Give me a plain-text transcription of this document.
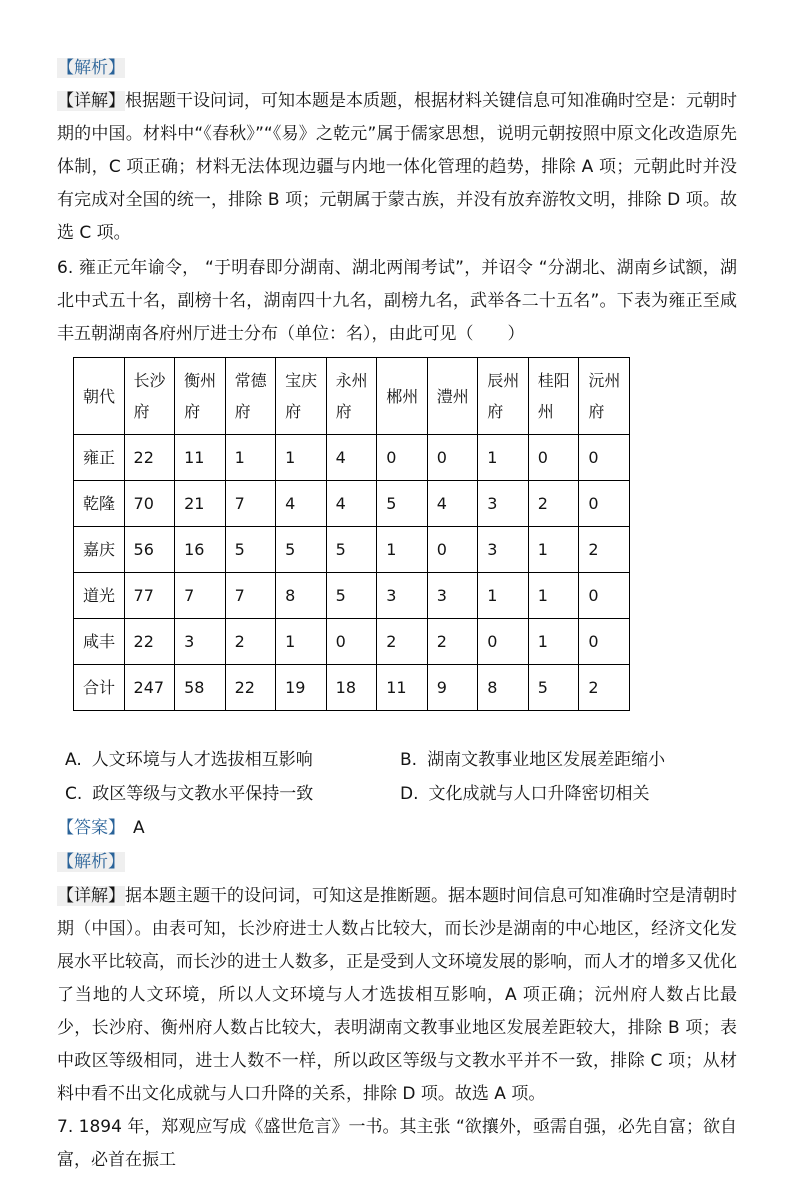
【解析】
【详解】根据题干设问词，可知本题是本质题，根据材料关键信息可知准确时空是：元朝时期的中国。材料中“《春秋》”“《易》之乾元”属于儒家思想，说明元朝按照中原文化改造原先体制，C 项正确；材料无法体现边疆与内地一体化管理的趋势，排除 A 项；元朝此时并没有完成对全国的统一，排除 B 项；元朝属于蒙古族，并没有放弃游牧文明，排除 D 项。故选 C 项。
6. 雍正元年谕令， “于明春即分湖南、湖北两闱考试”，并诏令 “分湖北、湖南乡试额，湖北中式五十名，副榜十名，湖南四十九名，副榜九名，武举各二十五名”。下表为雍正至咸丰五朝湖南各府州厅进士分布（单位：名），由此可见（　　）
朝代	长沙府	衡州府	常德府	宝庆府	永州府	郴州	澧州	辰州府	桂阳州	沅州府
雍正	22	11	1	1	4	0	0	1	0	0
乾隆	70	21	7	4	4	5	4	3	2	0
嘉庆	56	16	5	5	5	1	0	3	1	2
道光	77	7	7	8	5	3	3	1	1	0
咸丰	22	3	2	1	0	2	2	0	1	0
合计	247	58	22	19	18	11	9	8	5	2
A. 人文环境与人才选拔相互影响	B. 湖南文教事业地区发展差距缩小
C. 政区等级与文教水平保持一致	D. 文化成就与人口升降密切相关
【答案】 A
【解析】
【详解】据本题主题干的设问词，可知这是推断题。据本题时间信息可知准确时空是清朝时期（中国）。由表可知，长沙府进士人数占比较大，而长沙是湖南的中心地区，经济文化发展水平比较高，而长沙的进士人数多，正是受到人文环境发展的影响，而人才的增多又优化了当地的人文环境，所以人文环境与人才选拔相互影响，A 项正确；沅州府人数占比最少，长沙府、衡州府人数占比较大，表明湖南文教事业地区发展差距较大，排除 B 项；表中政区等级相同，进士人数不一样，所以政区等级与文教水平并不一致，排除 C 项；从材料中看不出文化成就与人口升降的关系，排除 D 项。故选 A 项。
7. 1894 年，郑观应写成《盛世危言》一书。其主张 “欲攘外，亟需自强，必先自富；欲自富，必首在振工
